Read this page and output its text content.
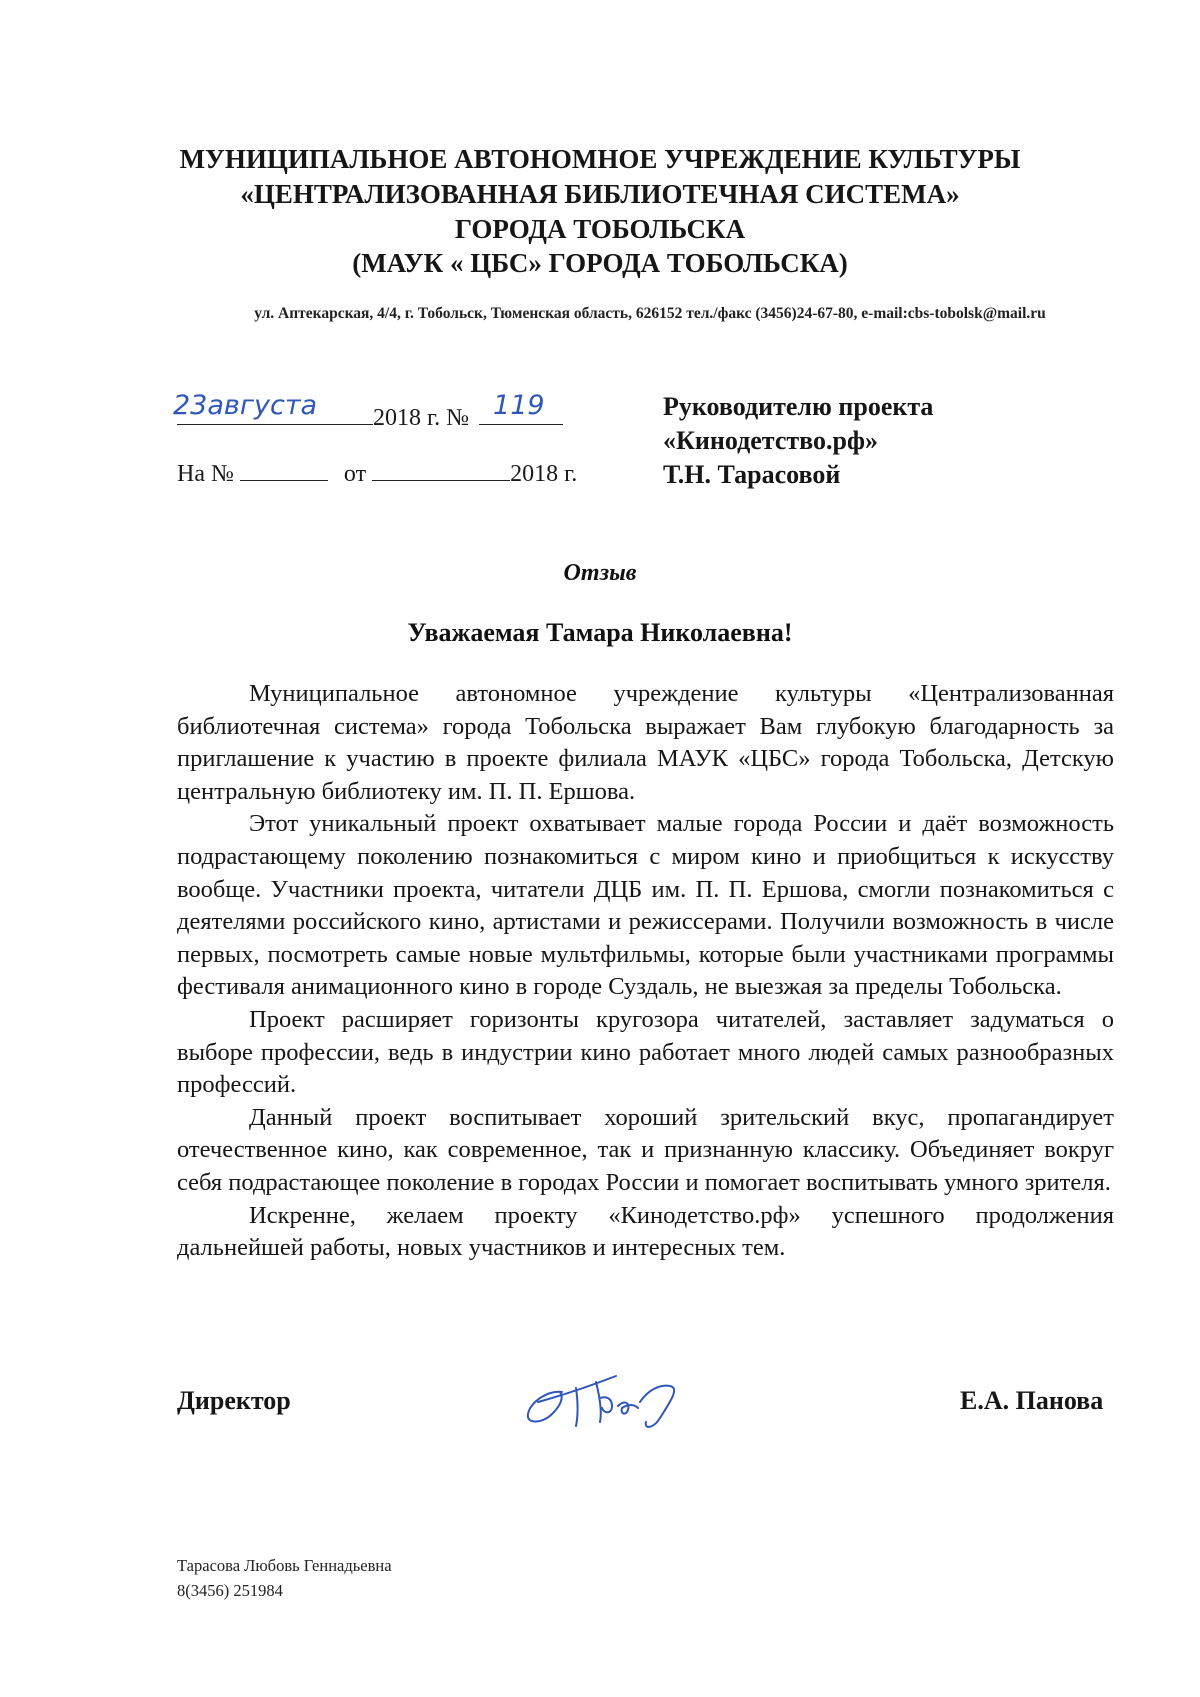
МУНИЦИПАЛЬНОЕ АВТОНОМНОЕ УЧРЕЖДЕНИЕ КУЛЬТУРЫ
«ЦЕНТРАЛИЗОВАННАЯ БИБЛИОТЕЧНАЯ СИСТЕМА»
ГОРОДА ТОБОЛЬСКА
(МАУК « ЦБС» ГОРОДА ТОБОЛЬСКА)
ул. Аптекарская, 4/4, г. Тобольск, Тюменская область, 626152 тел./факс (3456)24-67-80, e-mail:cbs-tobolsk@mail.ru
23августа 2018 г. № 119
На №	от	2018 г.
Руководителю проекта
«Кинодетство.рф»
Т.Н. Тарасовой
Отзыв
Уважаемая Тамара Николаевна!

Муниципальное автономное учреждение культуры «Централизованная библиотечная система» города Тобольска выражает Вам глубокую благодарность за приглашение к участию в проекте филиала МАУК «ЦБС» города Тобольска, Детскую центральную библиотеку им. П. П. Ершова.

Этот уникальный проект охватывает малые города России и даёт возможность подрастающему поколению познакомиться с миром кино и приобщиться к искусству вообще. Участники проекта, читатели ДЦБ им. П. П. Ершова, смогли познакомиться с деятелями российского кино, артистами и режиссерами. Получили возможность в числе первых, посмотреть самые новые мультфильмы, которые были участниками программы фестиваля анимационного кино в городе Суздаль, не выезжая за пределы Тобольска.

Проект расширяет горизонты кругозора читателей, заставляет задуматься о выборе профессии, ведь в индустрии кино работает много людей самых разнообразных профессий.

Данный проект воспитывает хороший зрительский вкус, пропагандирует отечественное кино, как современное, так и признанную классику. Объединяет вокруг себя подрастающее поколение в городах России и помогает воспитывать умного зрителя.

Искренне, желаем проекту «Кинодетство.рф» успешного продолжения дальнейшей работы, новых участников и интересных тем.

Директор	Е.А. Панова
Тарасова Любовь Геннадьевна
8(3456) 251984
